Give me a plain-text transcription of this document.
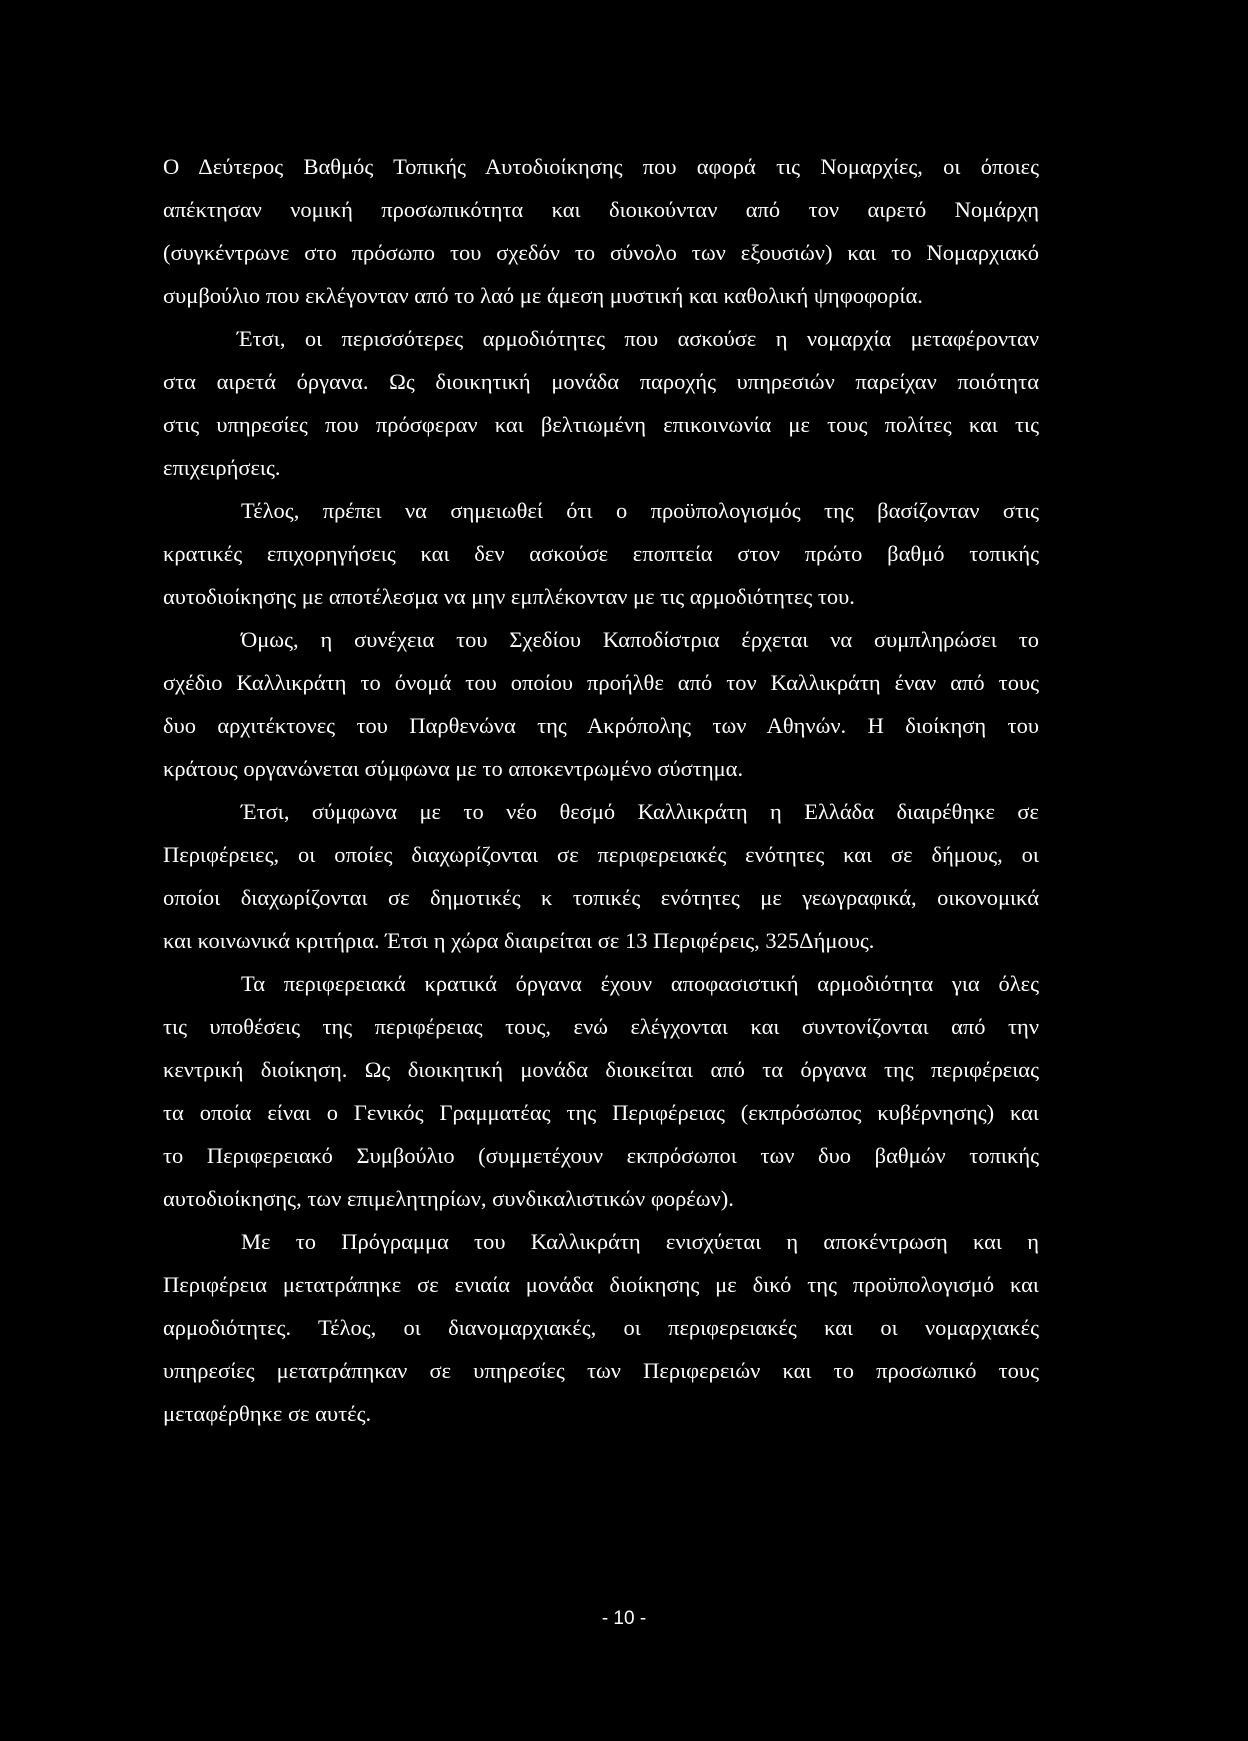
Ο Δεύτερος Βαθμός Τοπικής Αυτοδιοίκησης που αφορά τις Νομαρχίες, οι όποιες
απέκτησαν νομική προσωπικότητα και διοικούνταν από τον αιρετό Νομάρχη
(συγκέντρωνε στο πρόσωπο του σχεδόν το σύνολο των εξουσιών) και το Νομαρχιακό
συμβούλιο που εκλέγονταν από το λαό με άμεση μυστική και καθολική ψηφοφορία.
Έτσι, οι περισσότερες αρμοδιότητες που ασκούσε η νομαρχία μεταφέρονταν
στα αιρετά όργανα. Ως διοικητική μονάδα παροχής υπηρεσιών παρείχαν ποιότητα
στις υπηρεσίες που πρόσφεραν και βελτιωμένη επικοινωνία με τους πολίτες και τις
επιχειρήσεις.
Τέλος, πρέπει να σημειωθεί ότι ο προϋπολογισμός της βασίζονταν στις
κρατικές επιχορηγήσεις και δεν ασκούσε εποπτεία στον πρώτο βαθμό τοπικής
αυτοδιοίκησης με αποτέλεσμα να μην εμπλέκονταν με τις αρμοδιότητες του.
Όμως, η συνέχεια του Σχεδίου Καποδίστρια έρχεται να συμπληρώσει το
σχέδιο Καλλικράτη το όνομά του οποίου προήλθε από τον Καλλικράτη έναν από τους
δυο αρχιτέκτονες του Παρθενώνα της Ακρόπολης των Αθηνών. Η διοίκηση του
κράτους οργανώνεται σύμφωνα με το αποκεντρωμένο σύστημα.
Έτσι, σύμφωνα με το νέο θεσμό Καλλικράτη η Ελλάδα διαιρέθηκε σε
Περιφέρειες, οι οποίες διαχωρίζονται σε περιφερειακές ενότητες και σε δήμους, οι
οποίοι διαχωρίζονται σε δημοτικές κ τοπικές ενότητες με γεωγραφικά, οικονομικά
και κοινωνικά κριτήρια. Έτσι η χώρα διαιρείται σε 13 Περιφέρεις, 325Δήμους.
Τα περιφερειακά κρατικά όργανα έχουν αποφασιστική αρμοδιότητα για όλες
τις υποθέσεις της περιφέρειας τους, ενώ ελέγχονται και συντονίζονται από την
κεντρική διοίκηση. Ως διοικητική μονάδα διοικείται από τα όργανα της περιφέρειας
τα οποία είναι ο Γενικός Γραμματέας της Περιφέρειας (εκπρόσωπος κυβέρνησης) και
το Περιφερειακό Συμβούλιο (συμμετέχουν εκπρόσωποι των δυο βαθμών τοπικής
αυτοδιοίκησης, των επιμελητηρίων, συνδικαλιστικών φορέων).
Με το Πρόγραμμα του Καλλικράτη ενισχύεται η αποκέντρωση και η
Περιφέρεια μετατράπηκε σε ενιαία μονάδα διοίκησης με δικό της προϋπολογισμό και
αρμοδιότητες. Τέλος, οι διανομαρχιακές, οι περιφερειακές και οι νομαρχιακές
υπηρεσίες μετατράπηκαν σε υπηρεσίες των Περιφερειών και το προσωπικό τους
μεταφέρθηκε σε αυτές.
- 10 -
